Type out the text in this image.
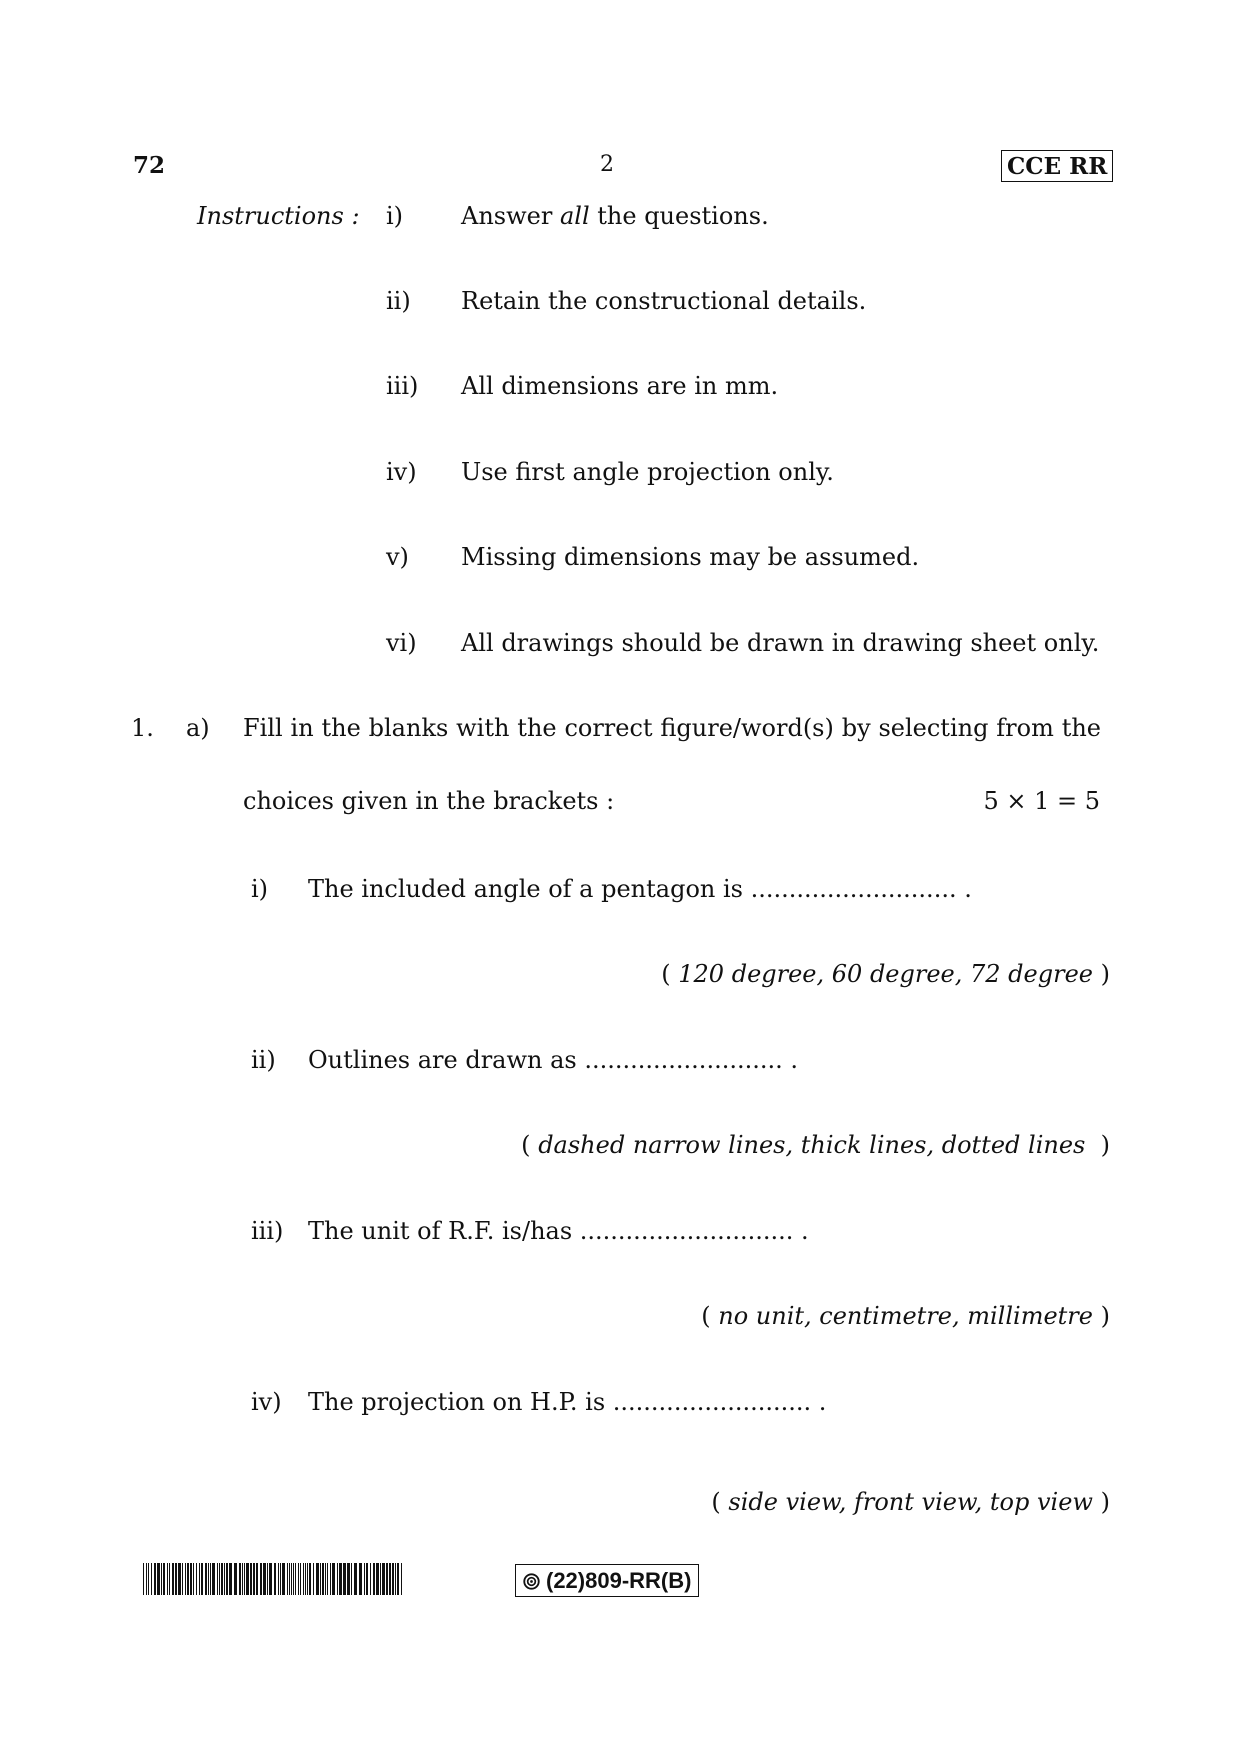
72	2	CCE RR
Instructions : i) Answer all the questions.
ii) Retain the constructional details.
iii) All dimensions are in mm.
iv) Use first angle projection only.
v) Missing dimensions may be assumed.
vi) All drawings should be drawn in drawing sheet only.
1. a) Fill in the blanks with the correct figure/word(s) by selecting from the
choices given in the brackets :	5 × 1 = 5
i) The included angle of a pentagon is ........................... .
( 120 degree, 60 degree, 72 degree )
ii) Outlines are drawn as .......................... .
( dashed narrow lines, thick lines, dotted lines )
iii) The unit of R.F. is/has ............................ .
( no unit, centimetre, millimetre )
iv) The projection on H.P. is .......................... .
( side view, front view, top view )
(22)809-RR(B)
